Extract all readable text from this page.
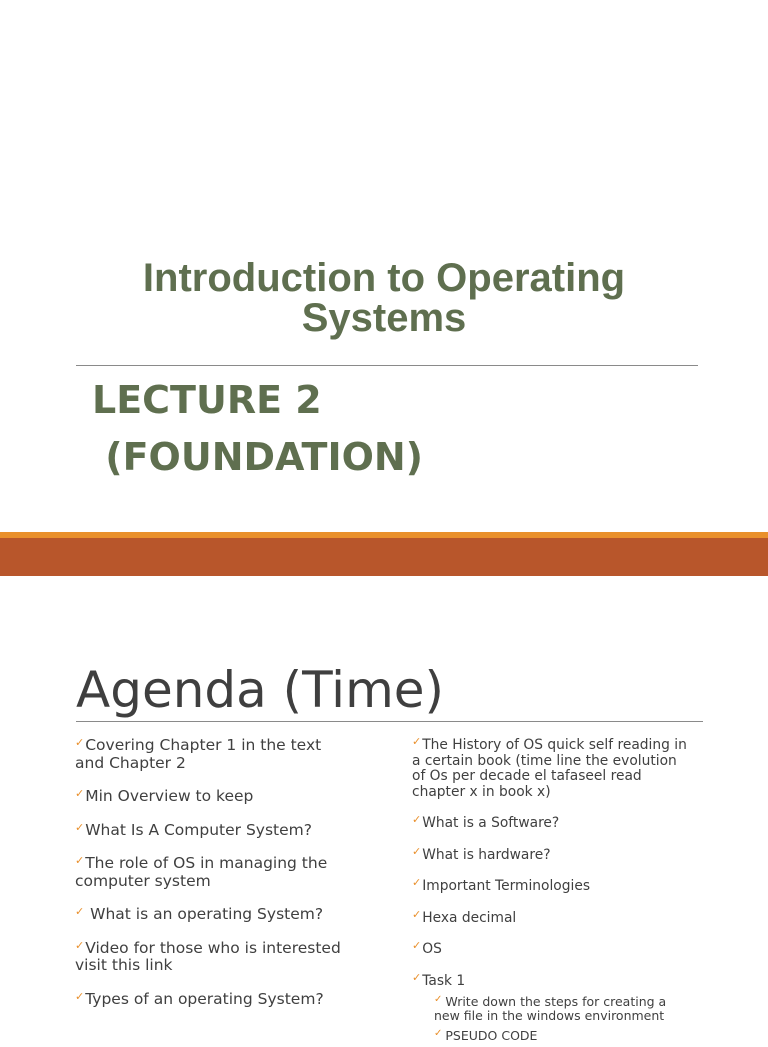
Introduction to Operating
Systems
LECTURE 2
(FOUNDATION)
Agenda (Time)
✓Covering Chapter 1 in the text and Chapter 2
✓Min Overview to keep
✓What Is A Computer System?
✓The role of OS in managing the computer system
✓ What is an operating System?
✓Video for those who is interested visit this link
✓Types of an operating System?
✓The History of OS quick self reading in a certain book (time line the evolution of Os per decade el tafaseel read chapter x in book x)
✓What is a Software?
✓What is hardware?
✓Important Terminologies
✓Hexa decimal
✓OS
✓Task 1
✓ Write down the steps for creating a new file in the windows environment
✓ PSEUDO CODE
